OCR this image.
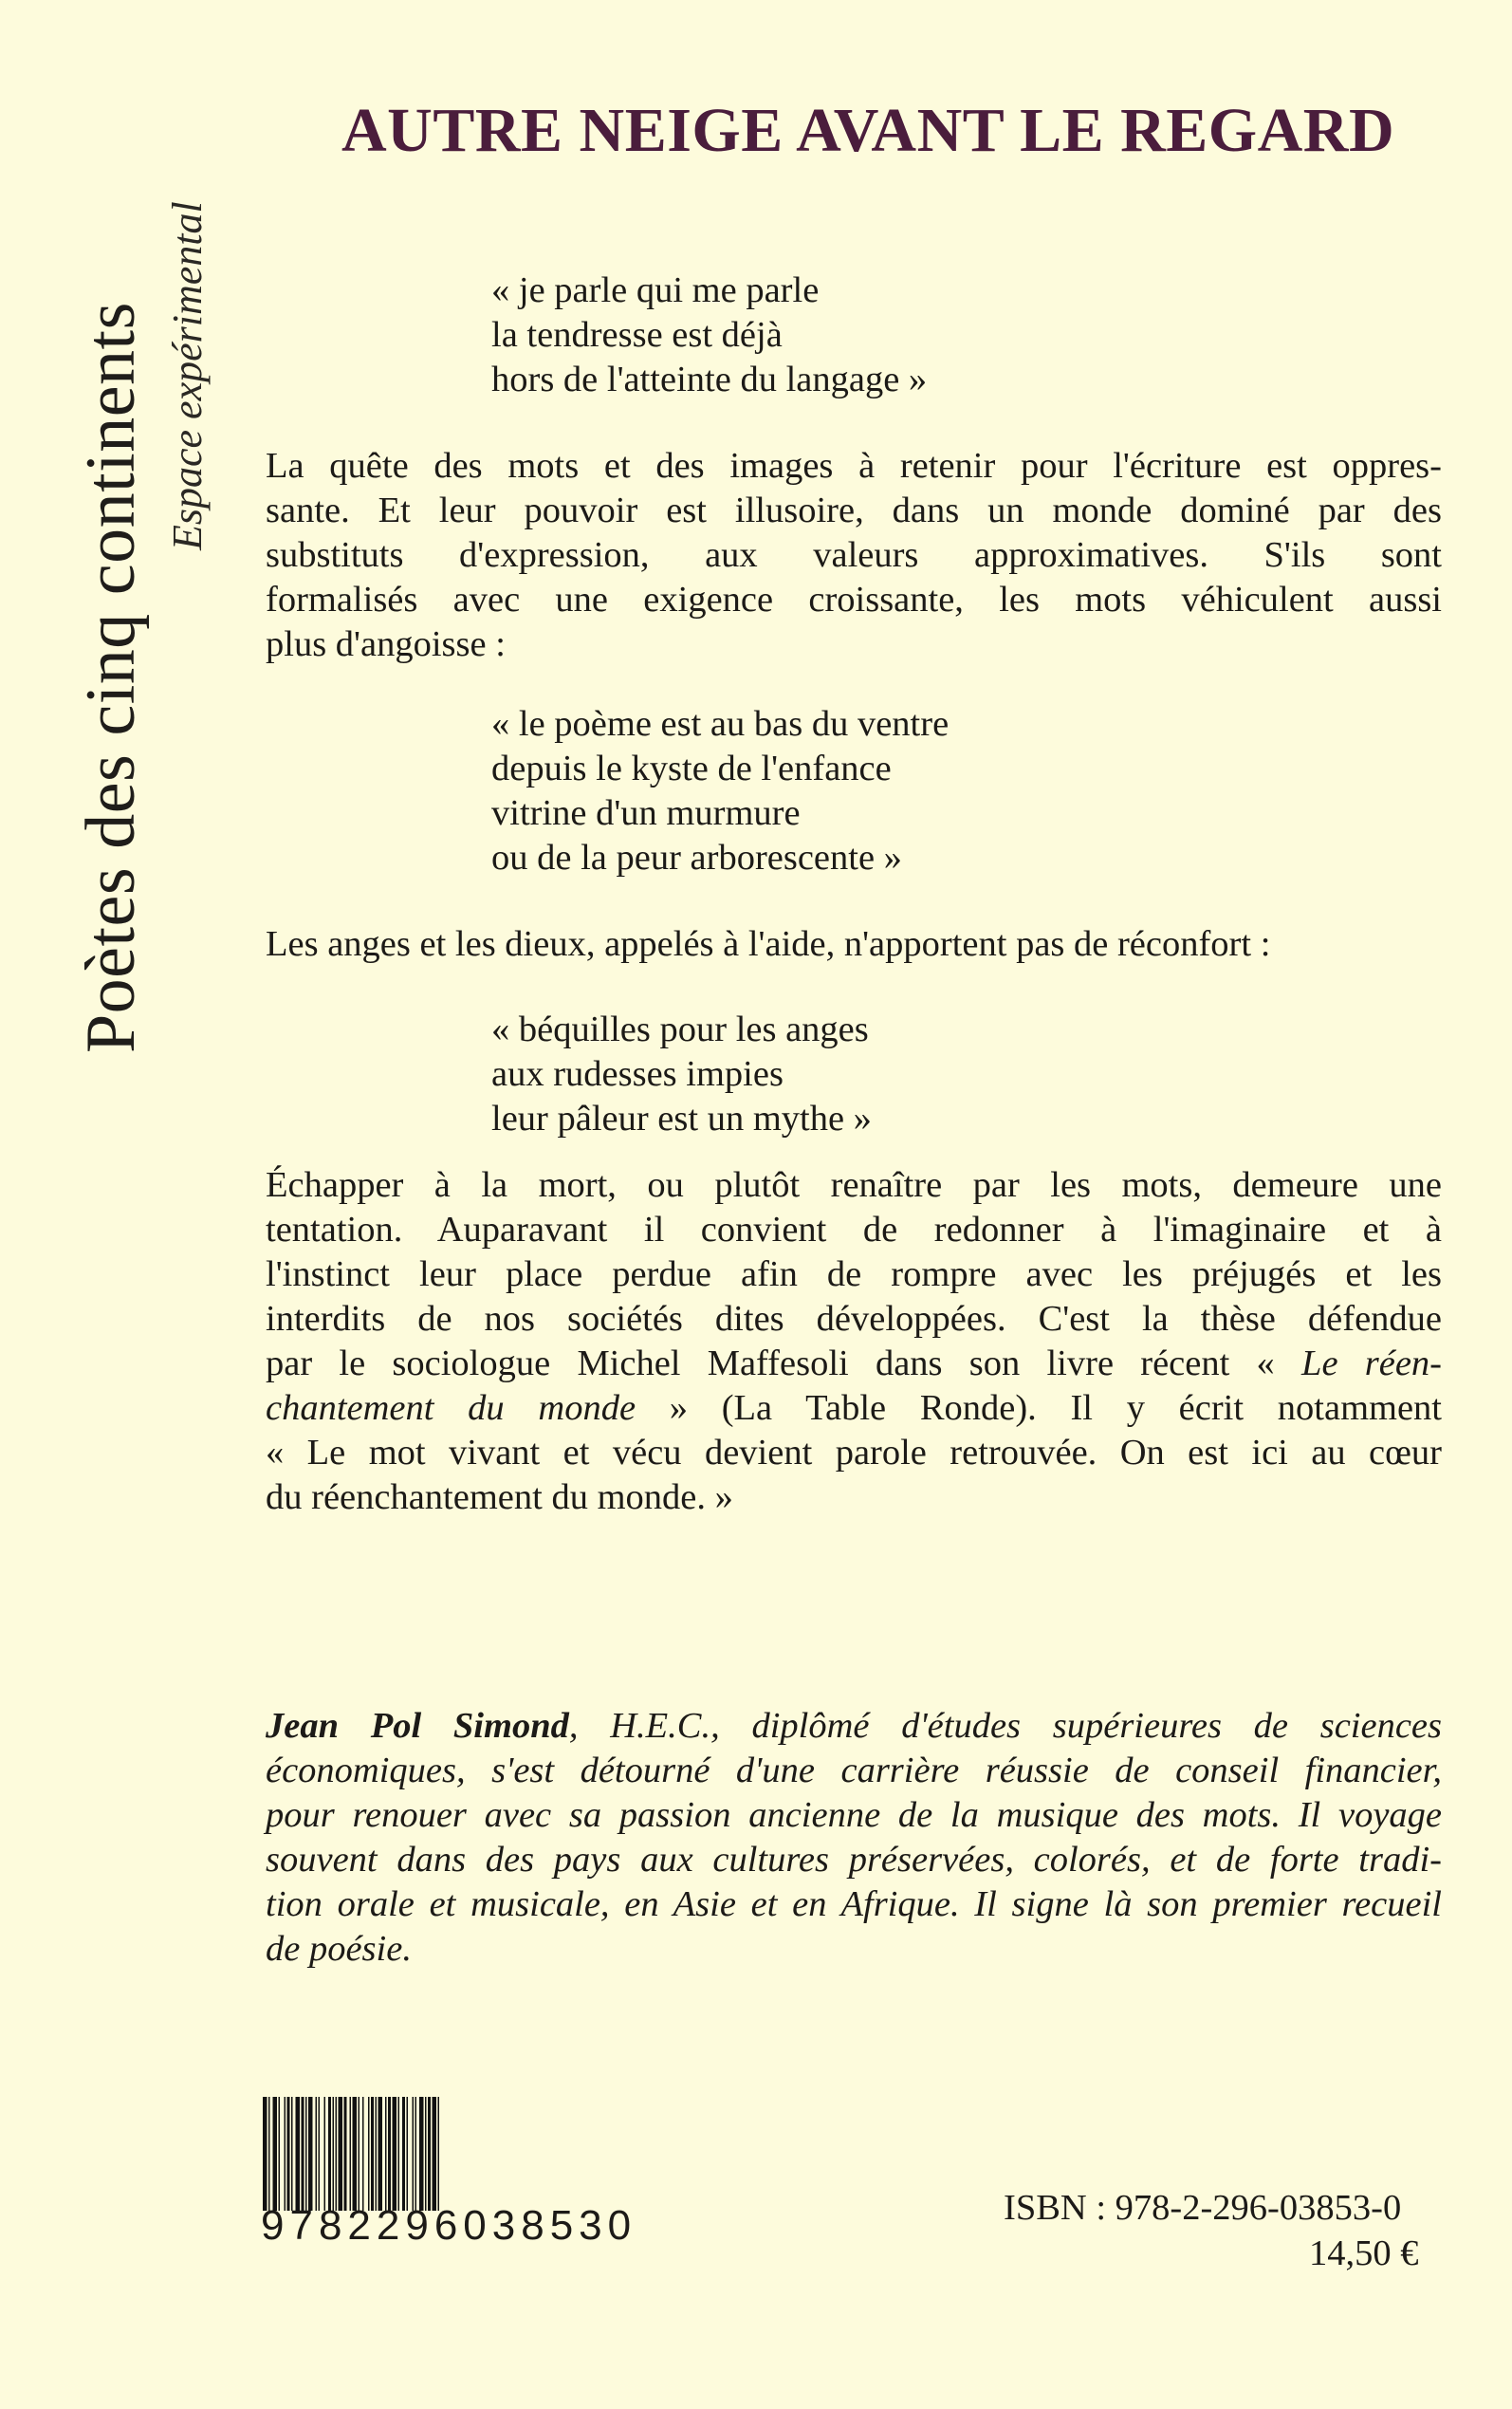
Poètes des cinq continents Espace expérimental
AUTRE NEIGE AVANT LE REGARD
« je parle qui me parle
la tendresse est déjà
hors de l'atteinte du langage »
La quête des mots et des images à retenir pour l'écriture est oppres-
sante. Et leur pouvoir est illusoire, dans un monde dominé par des
substituts d'expression, aux valeurs approximatives. S'ils sont
formalisés avec une exigence croissante, les mots véhiculent aussi
plus d'angoisse :
« le poème est au bas du ventre
depuis le kyste de l'enfance
vitrine d'un murmure
ou de la peur arborescente »
Les anges et les dieux, appelés à l'aide, n'apportent pas de réconfort :
« béquilles pour les anges
aux rudesses impies
leur pâleur est un mythe »
Échapper à la mort, ou plutôt renaître par les mots, demeure une
tentation. Auparavant il convient de redonner à l'imaginaire et à
l'instinct leur place perdue afin de rompre avec les préjugés et les
interdits de nos sociétés dites développées. C'est la thèse défendue
par le sociologue Michel Maffesoli dans son livre récent « Le réen-
chantement du monde » (La Table Ronde). Il y écrit notamment
« Le mot vivant et vécu devient parole retrouvée. On est ici au cœur
du réenchantement du monde. »
Jean Pol Simond, H.E.C., diplômé d'études supérieures de sciences
économiques, s'est détourné d'une carrière réussie de conseil financier,
pour renouer avec sa passion ancienne de la musique des mots. Il voyage
souvent dans des pays aux cultures préservées, colorés, et de forte tradi-
tion orale et musicale, en Asie et en Afrique. Il signe là son premier recueil
de poésie.
9782296038530	ISBN : 978-2-296-03853-0
14,50 €
